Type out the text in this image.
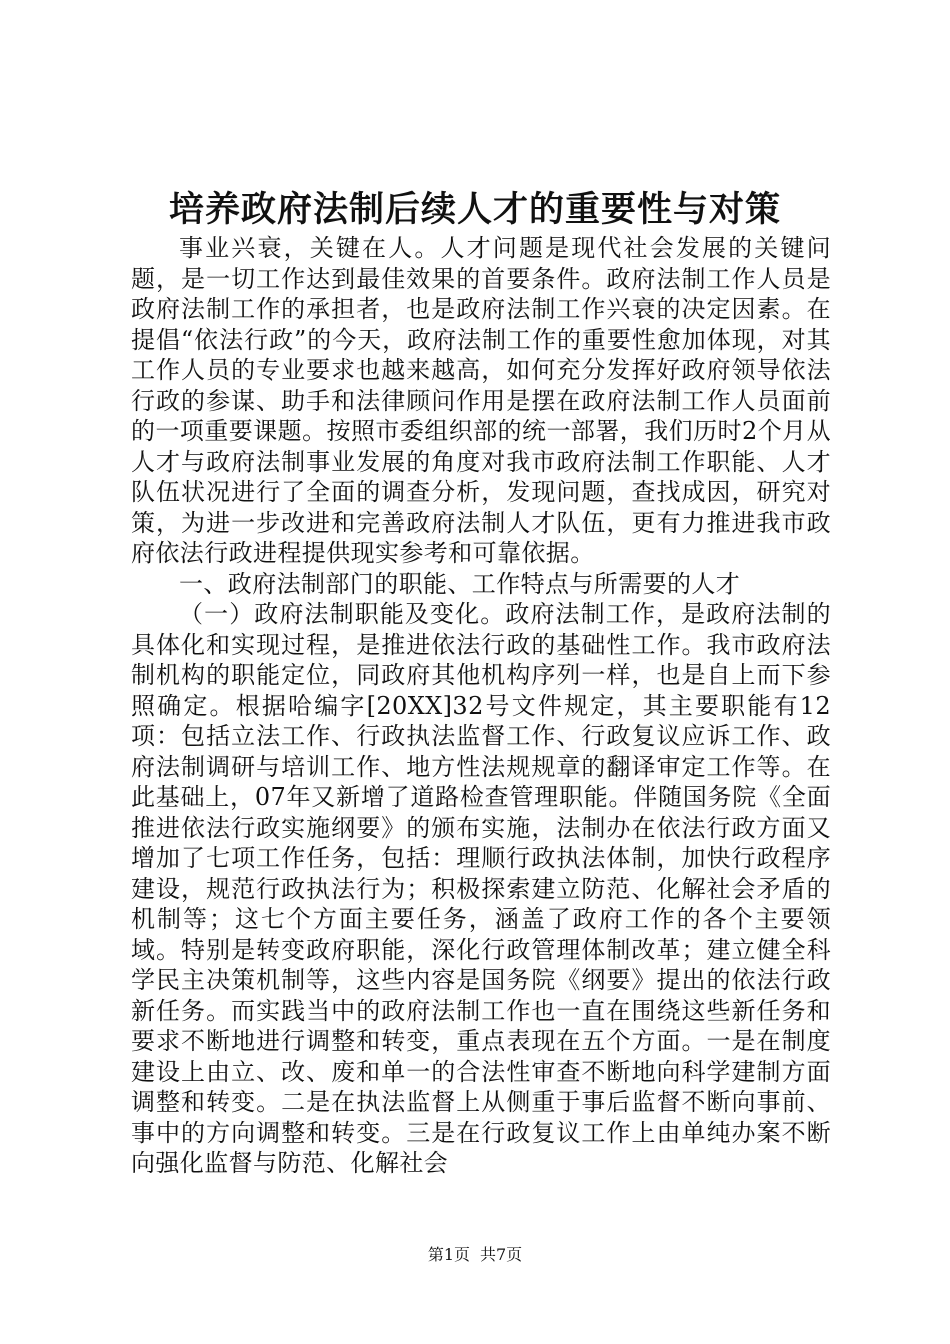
培养政府法制后续人才的重要性与对策

事业兴衰，关键在人。人才问题是现代社会发展的关键问题，是一切工作达到最佳效果的首要条件。政府法制工作人员是政府法制工作的承担者，也是政府法制工作兴衰的决定因素。在提倡“依法行政”的今天，政府法制工作的重要性愈加体现，对其工作人员的专业要求也越来越高，如何充分发挥好政府领导依法行政的参谋、助手和法律顾问作用是摆在政府法制工作人员面前的一项重要课题。按照市委组织部的统一部署，我们历时2个月从人才与政府法制事业发展的角度对我市政府法制工作职能、人才队伍状况进行了全面的调查分析，发现问题，查找成因，研究对策，为进一步改进和完善政府法制人才队伍，更有力推进我市政府依法行政进程提供现实参考和可靠依据。

一、政府法制部门的职能、工作特点与所需要的人才

（一）政府法制职能及变化。政府法制工作，是政府法制的具体化和实现过程，是推进依法行政的基础性工作。我市政府法制机构的职能定位，同政府其他机构序列一样，也是自上而下参照确定。根据哈编字[20XX]32号文件规定，其主要职能有12项：包括立法工作、行政执法监督工作、行政复议应诉工作、政府法制调研与培训工作、地方性法规规章的翻译审定工作等。在此基础上，07年又新增了道路检查管理职能。伴随国务院《全面推进依法行政实施纲要》的颁布实施，法制办在依法行政方面又增加了七项工作任务，包括：理顺行政执法体制，加快行政程序建设，规范行政执法行为；积极探索建立防范、化解社会矛盾的机制等；这七个方面主要任务，涵盖了政府工作的各个主要领域。特别是转变政府职能，深化行政管理体制改革；建立健全科学民主决策机制等，这些内容是国务院《纲要》提出的依法行政新任务。而实践当中的政府法制工作也一直在围绕这些新任务和要求不断地进行调整和转变，重点表现在五个方面。一是在制度建设上由立、改、废和单一的合法性审查不断地向科学建制方面调整和转变。二是在执法监督上从侧重于事后监督不断向事前、事中的方向调整和转变。三是在行政复议工作上由单纯办案不断向强化监督与防范、化解社会

第1页 共7页
